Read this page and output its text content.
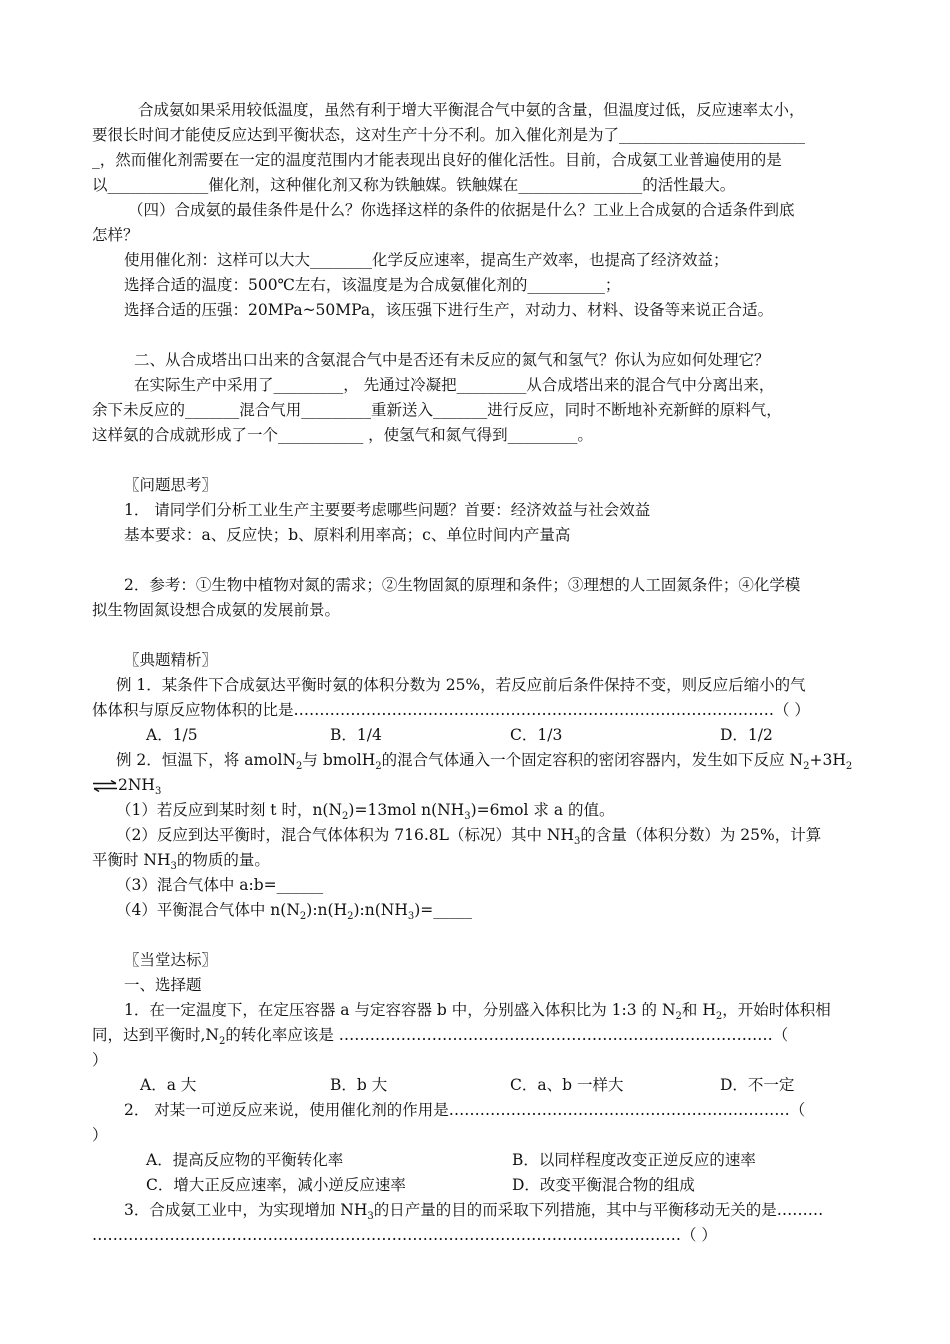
合成氨如果采用较低温度，虽然有利于增大平衡混合气中氨的含量，但温度过低，反应速率太小，
要很长时间才能使反应达到平衡状态，这对生产十分不利。加入催化剂是为了________________________
_，然而催化剂需要在一定的温度范围内才能表现出良好的催化活性。目前，合成氨工业普遍使用的是
以_____________催化剂，这种催化剂又称为铁触媒。铁触媒在________________的活性最大。
（四）合成氨的最佳条件是什么？你选择这样的条件的依据是什么？工业上合成氨的合适条件到底
怎样？
使用催化剂：这样可以大大________化学反应速率，提高生产效率，也提高了经济效益；
选择合适的温度：500℃左右，该温度是为合成氨催化剂的__________；
选择合适的压强：20MPa~50MPa，该压强下进行生产，对动力、材料、设备等来说正合适。
二、从合成塔出口出来的含氨混合气中是否还有未反应的氮气和氢气？你认为应如何处理它？
在实际生产中采用了_________， 先通过冷凝把_________从合成塔出来的混合气中分离出来，
余下未反应的_______混合气用_________重新送入_______进行反应，同时不断地补充新鲜的原料气，
这样氨的合成就形成了一个___________ ，使氢气和氮气得到_________。
〖问题思考〗
1． 请同学们分析工业生产主要要考虑哪些问题？首要：经济效益与社会效益
基本要求：a、反应快；b、原料利用率高；c、单位时间内产量高
2．参考：①生物中植物对氮的需求；②生物固氮的原理和条件；③理想的人工固氮条件；④化学模
拟生物固氮设想合成氨的发展前景。
〖典题精析〗
例 1．某条件下合成氨达平衡时氨的体积分数为 25%，若反应前后条件保持不变，则反应后缩小的气
体体积与原反应物体积的比是…………………………………………………………………………………（ ）
A．1/5	B．1/4	C．1/3	D．1/2
例 2．恒温下，将 amolN$_2$与 bmolH$_2$的混合气体通入一个固定容积的密闭容器内，发生如下反应 $N_2+3H_2$
$\rightleftharpoons 2NH_3$
（1）若反应到某时刻 t 时，$n(N_2)=13mol$ $n(NH_3)=6mol$ 求 a 的值。
（2）反应到达平衡时，混合气体体积为 716.8L（标况）其中 $NH_3$的含量（体积分数）为 25%，计算
平衡时 $NH_3$的物质的量。
（3）混合气体中 a:b=______
（4）平衡混合气体中 $n(N_2):n(H_2):n(NH_3)=\_\_\_\_\_$
〖当堂达标〗
一、选择题
1．在一定温度下，在定压容器 a 与定容容器 b 中，分别盛入体积比为 1:3 的 $N_2$和 $H_2$，开始时体积相
同，达到平衡时$,N_2$的转化率应该是 …………………………………………………………………………（
）
A．a 大	B．b 大	C．a、b 一样大	D．不一定
2． 对某一可逆反应来说，使用催化剂的作用是…………………………………………………………（
）
A．提高反应物的平衡转化率	B．以同样程度改变正逆反应的速率
C．增大正反应速率，减小逆反应速率	D．改变平衡混合物的组成
3．合成氨工业中，为实现增加 $NH_3$的日产量的目的而采取下列措施，其中与平衡移动无关的是………
……………………………………………………………………………………………………（ ）
